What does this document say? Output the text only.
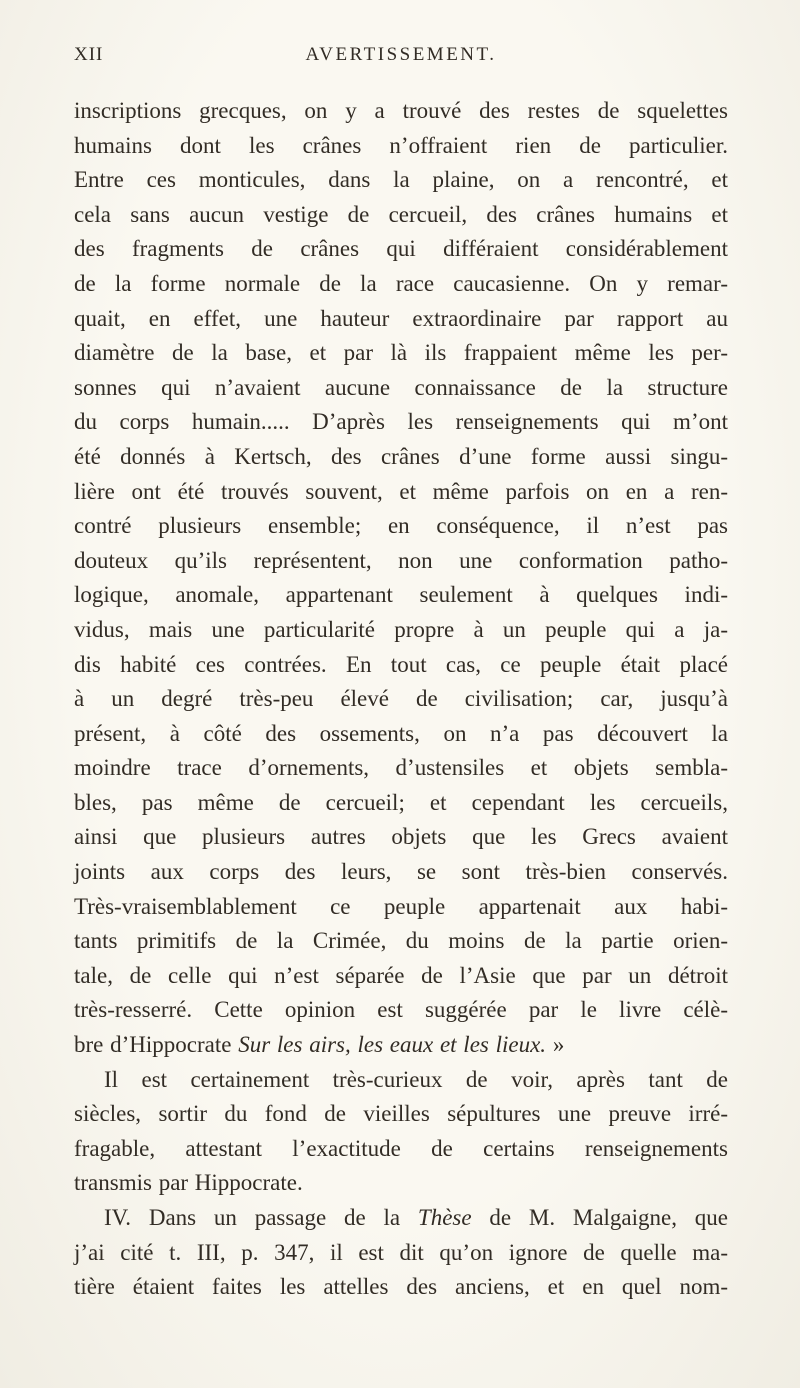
XII	AVERTISSEMENT.
inscriptions grecques, on y a trouvé des restes de squelettes
humains dont les crânes n’offraient rien de particulier.
Entre ces monticules, dans la plaine, on a rencontré, et
cela sans aucun vestige de cercueil, des crânes humains et
des fragments de crânes qui différaient considérablement
de la forme normale de la race caucasienne. On y remar-
quait, en effet, une hauteur extraordinaire par rapport au
diamètre de la base, et par là ils frappaient même les per-
sonnes qui n’avaient aucune connaissance de la structure
du corps humain..... D’après les renseignements qui m’ont
été donnés à Kertsch, des crânes d’une forme aussi singu-
lière ont été trouvés souvent, et même parfois on en a ren-
contré plusieurs ensemble; en conséquence, il n’est pas
douteux qu’ils représentent, non une conformation patho-
logique, anomale, appartenant seulement à quelques indi-
vidus, mais une particularité propre à un peuple qui a ja-
dis habité ces contrées. En tout cas, ce peuple était placé
à un degré très-peu élevé de civilisation; car, jusqu’à
présent, à côté des ossements, on n’a pas découvert la
moindre trace d’ornements, d’ustensiles et objets sembla-
bles, pas même de cercueil; et cependant les cercueils,
ainsi que plusieurs autres objets que les Grecs avaient
joints aux corps des leurs, se sont très-bien conservés.
Très-vraisemblablement ce peuple appartenait aux habi-
tants primitifs de la Crimée, du moins de la partie orien-
tale, de celle qui n’est séparée de l’Asie que par un détroit
très-resserré. Cette opinion est suggérée par le livre célè-
bre d’Hippocrate Sur les airs, les eaux et les lieux. »
Il est certainement très-curieux de voir, après tant de
siècles, sortir du fond de vieilles sépultures une preuve irré-
fragable, attestant l’exactitude de certains renseignements
transmis par Hippocrate.
IV. Dans un passage de la Thèse de M. Malgaigne, que
j’ai cité t. III, p. 347, il est dit qu’on ignore de quelle ma-
tière étaient faites les attelles des anciens, et en quel nom-
